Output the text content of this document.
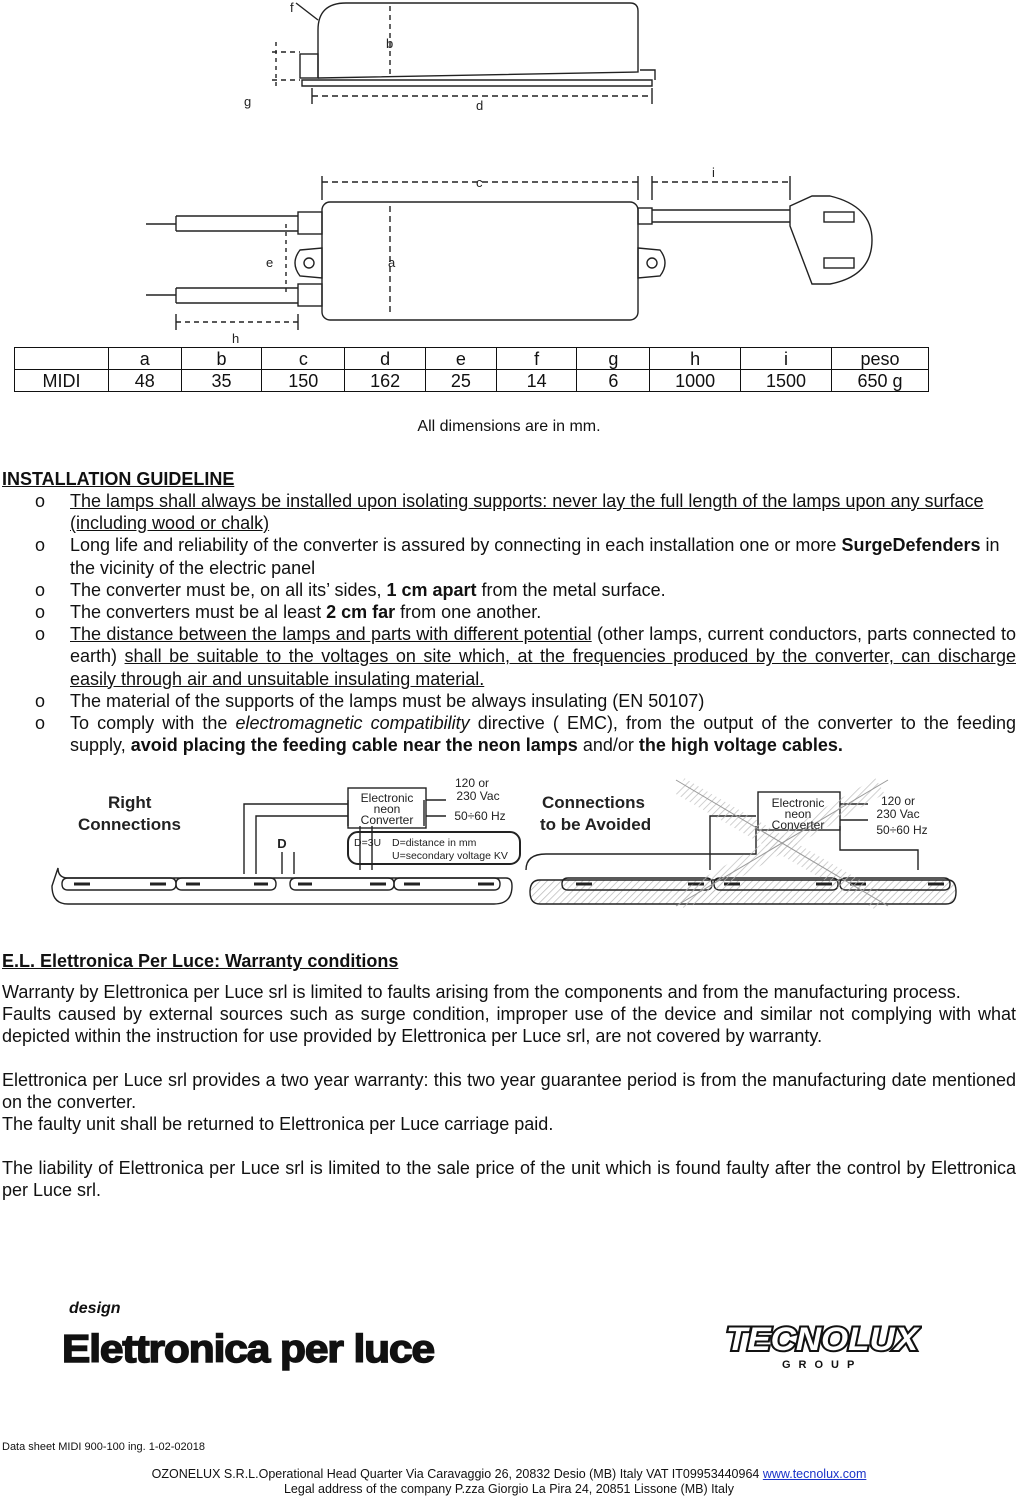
f
b
g	d
c
i
e	a
h
	a	b	c	d	e	f	g	h	i	peso
MIDI	48	35	150	162	25	14	6	1000	1500	650 g
All dimensions are in mm.
INSTALLATION GUIDELINE
o The lamps shall always be installed upon isolating supports: never lay the full length of the lamps upon any surface (including wood or chalk)
o Long life and reliability of the converter is assured by connecting in each installation one or more SurgeDefenders in the vicinity of the electric panel
o The converter must be, on all its’ sides, 1 cm apart from the metal surface.
o The converters must be al least 2 cm far from one another.
o The distance between the lamps and parts with different potential (other lamps, current conductors, parts connected to earth) shall be suitable to the voltages on site which, at the frequencies produced by the converter, can discharge easily through air and unsuitable insulating material.
o The material of the supports of the lamps must be always insulating (EN 50107)
o To comply with the electromagnetic compatibility directive ( EMC), from the output of the converter to the feeding supply, avoid placing the feeding cable near the neon lamps and/or the high voltage cables.
Right
Connections
Connections
to be Avoided
Electronic
neon
Converter
120 or
230 Vac
50÷60 Hz
D
Electronic
neon
Converter
120 or
230 Vac
50÷60 Hz
D=3U D=distance in mm
U=secondary voltage KV
E.L. Elettronica Per Luce: Warranty conditions

Warranty by Elettronica per Luce srl is limited to faults arising from the components and from the manufacturing process.

Faults caused by external sources such as surge condition, improper use of the device and similar not complying with what depicted within the instruction for use provided by Elettronica per Luce srl, are not covered by warranty.

Elettronica per Luce srl provides a two year warranty: this two year guarantee period is from the manufacturing date mentioned on the converter.

The faulty unit shall be returned to Elettronica per Luce carriage paid.

The liability of Elettronica per Luce srl is limited to the sale price of the unit which is found faulty after the control by Elettronica per Luce srl.

design
Elettronica per luce	TECNOLUX
GROUP
Data sheet MIDI 900-100 ing. 1-02-02018
OZONELUX S.R.L.Operational Head Quarter Via Caravaggio 26, 20832 Desio (MB) Italy VAT IT09953440964 www.tecnolux.com
Legal address of the company P.zza Giorgio La Pira 24, 20851 Lissone (MB) Italy
